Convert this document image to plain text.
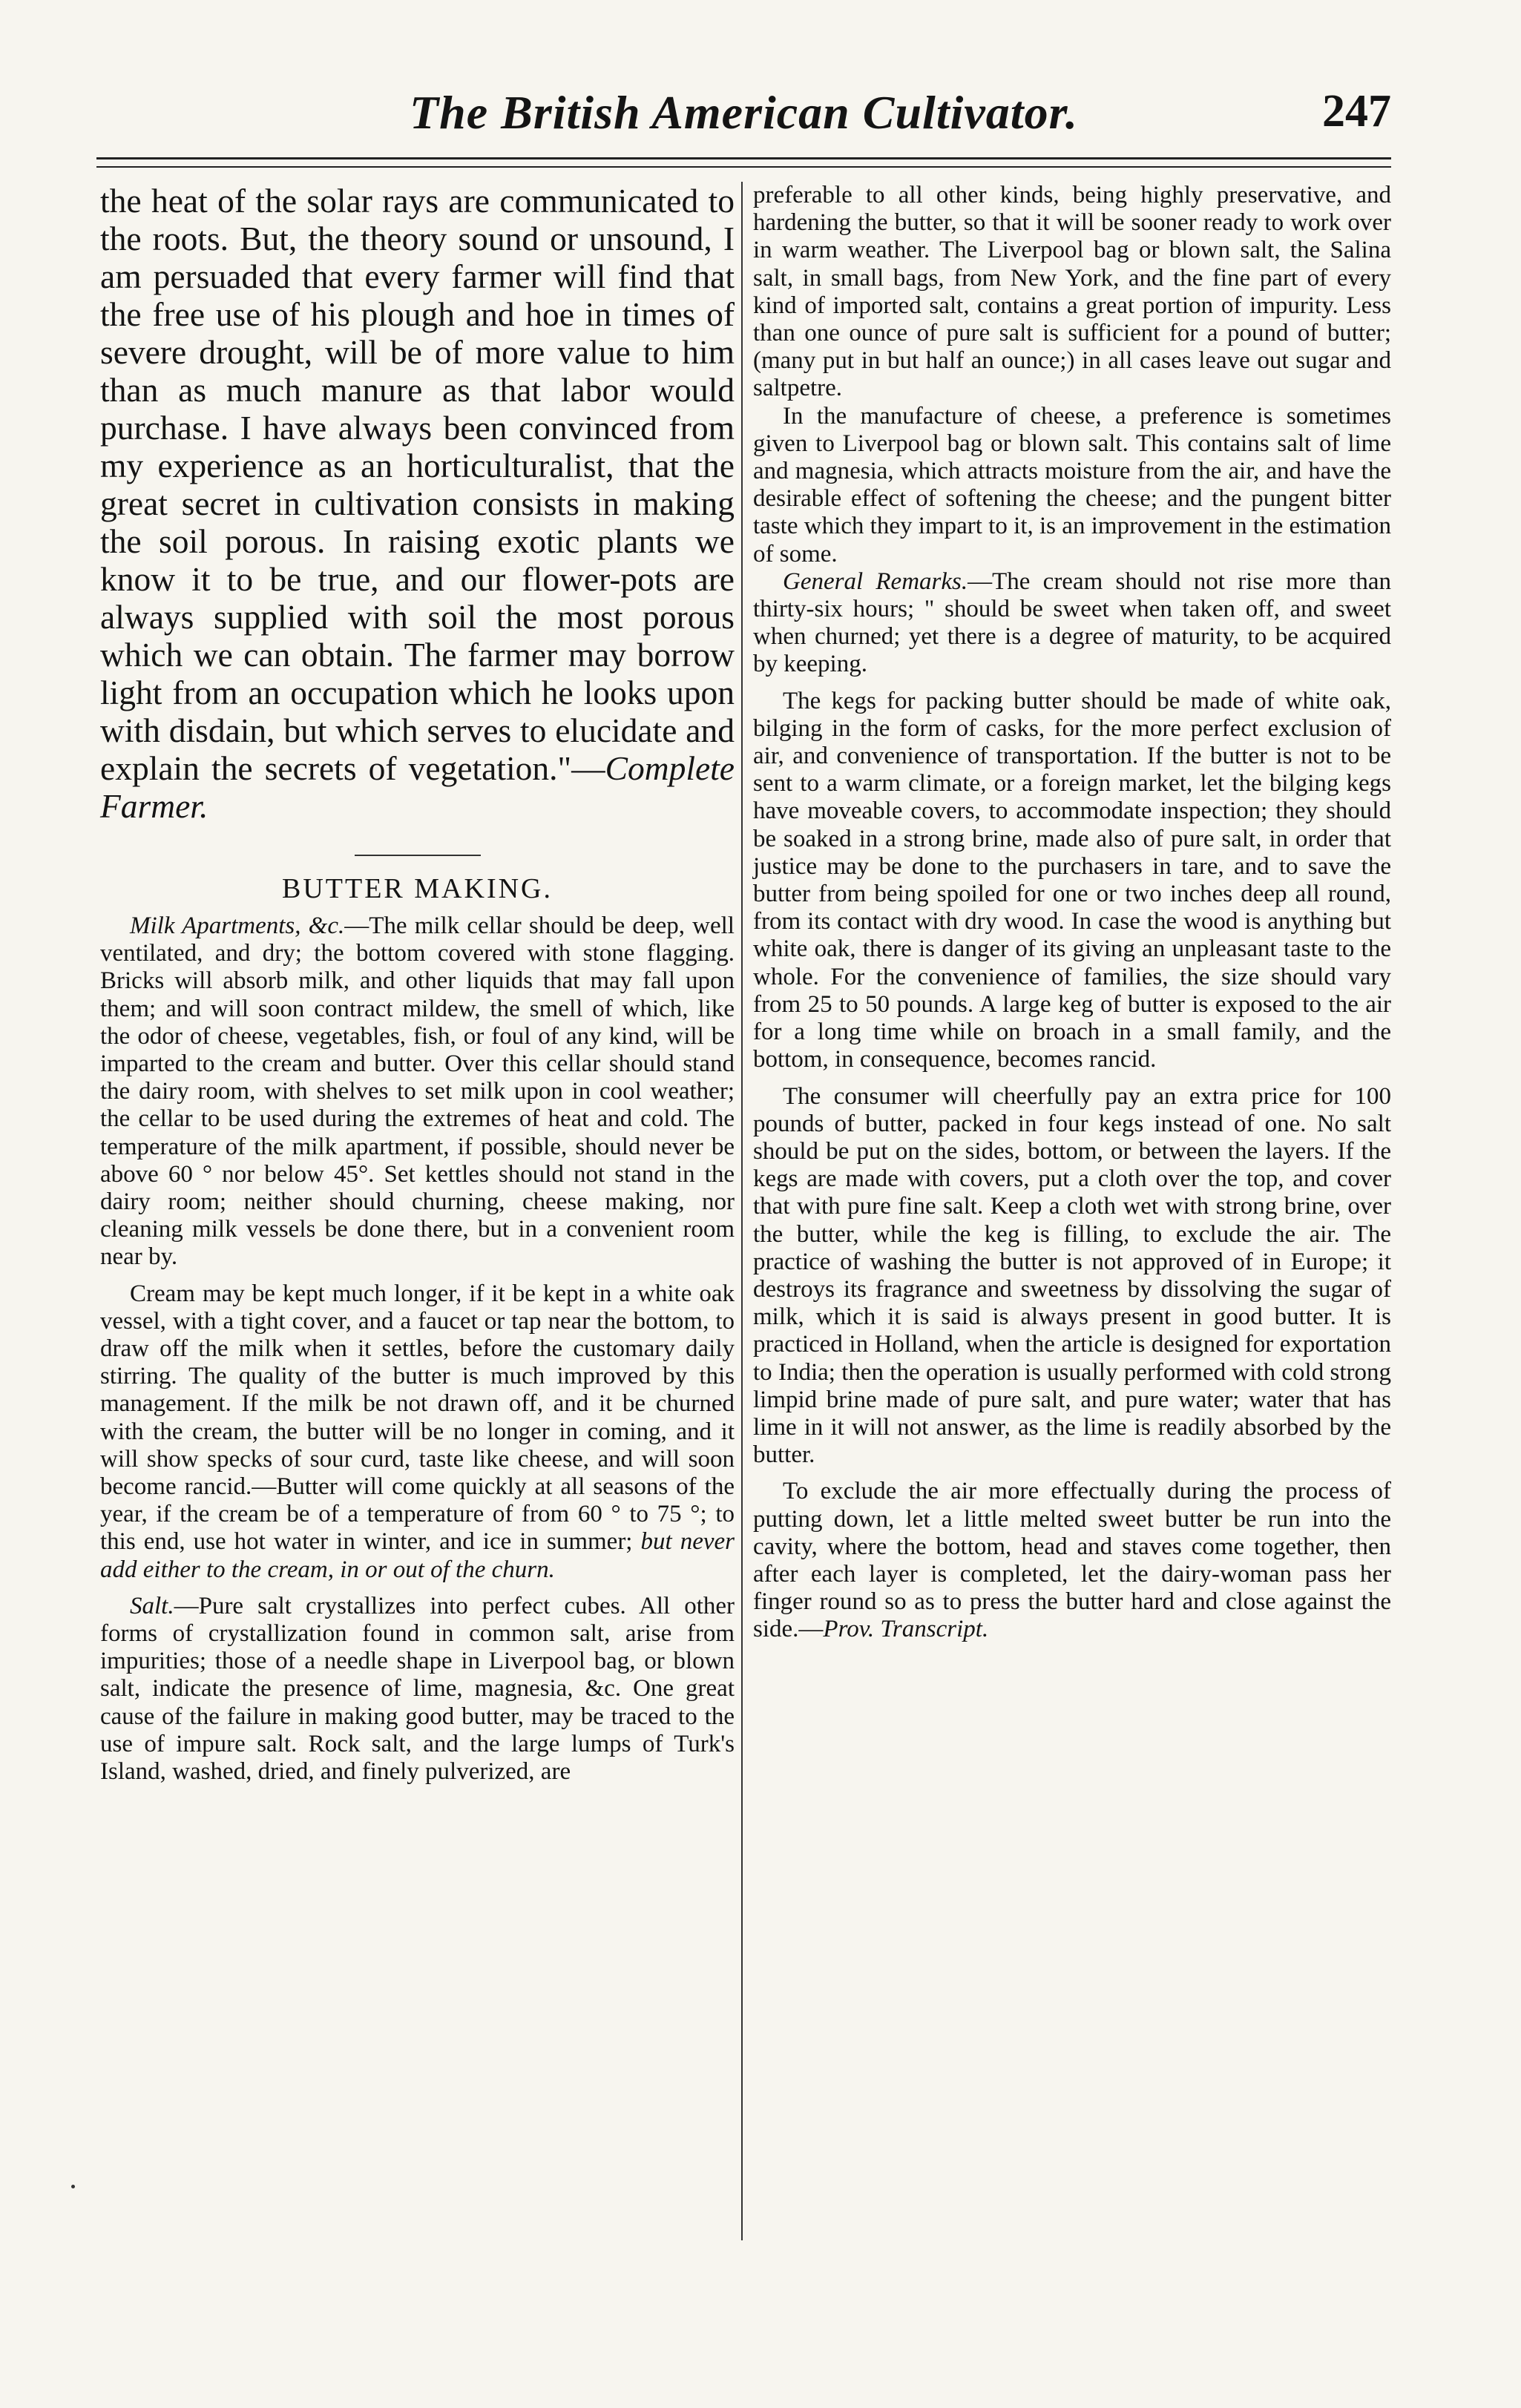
The British American Cultivator.	247

the heat of the solar rays are communicated to the roots. But, the theory sound or unsound, I am persuaded that every farmer will find that the free use of his plough and hoe in times of severe drought, will be of more value to him than as much manure as that labor would purchase. I have always been convinced from my experience as an horticulturalist, that the great secret in cultivation consists in making the soil porous. In raising exotic plants we know it to be true, and our flower-pots are always supplied with soil the most porous which we can obtain. The farmer may borrow light from an occupation which he looks upon with disdain, but which serves to elucidate and explain the secrets of vegetation."—Complete Farmer.

BUTTER MAKING.

Milk Apartments, &c.—The milk cellar should be deep, well ventilated, and dry; the bottom covered with stone flagging. Bricks will absorb milk, and other liquids that may fall upon them; and will soon contract mildew, the smell of which, like the odor of cheese, vegetables, fish, or foul of any kind, will be imparted to the cream and butter. Over this cellar should stand the dairy room, with shelves to set milk upon in cool weather; the cellar to be used during the extremes of heat and cold. The temperature of the milk apartment, if possible, should never be above 60 ° nor below 45°. Set kettles should not stand in the dairy room; neither should churning, cheese making, nor cleaning milk vessels be done there, but in a convenient room near by.

Cream may be kept much longer, if it be kept in a white oak vessel, with a tight cover, and a faucet or tap near the bottom, to draw off the milk when it settles, before the customary daily stirring. The quality of the butter is much improved by this management. If the milk be not drawn off, and it be churned with the cream, the butter will be no longer in coming, and it will show specks of sour curd, taste like cheese, and will soon become rancid.—Butter will come quickly at all seasons of the year, if the cream be of a temperature of from 60 ° to 75 °; to this end, use hot water in winter, and ice in summer; but never add either to the cream, in or out of the churn.

Salt.—Pure salt crystallizes into perfect cubes. All other forms of crystallization found in common salt, arise from impurities; those of a needle shape in Liverpool bag, or blown salt, indicate the presence of lime, magnesia, &c. One great cause of the failure in making good butter, may be traced to the use of impure salt. Rock salt, and the large lumps of Turk's Island, washed, dried, and finely pulverized, are

preferable to all other kinds, being highly preservative, and hardening the butter, so that it will be sooner ready to work over in warm weather. The Liverpool bag or blown salt, the Salina salt, in small bags, from New York, and the fine part of every kind of imported salt, contains a great portion of impurity. Less than one ounce of pure salt is sufficient for a pound of butter; (many put in but half an ounce;) in all cases leave out sugar and saltpetre.

In the manufacture of cheese, a preference is sometimes given to Liverpool bag or blown salt. This contains salt of lime and magnesia, which attracts moisture from the air, and have the desirable effect of softening the cheese; and the pungent bitter taste which they impart to it, is an improvement in the estimation of some.

General Remarks.—The cream should not rise more than thirty-six hours; " should be sweet when taken off, and sweet when churned; yet there is a degree of maturity, to be acquired by keeping.

The kegs for packing butter should be made of white oak, bilging in the form of casks, for the more perfect exclusion of air, and convenience of transportation. If the butter is not to be sent to a warm climate, or a foreign market, let the bilging kegs have moveable covers, to accommodate inspection; they should be soaked in a strong brine, made also of pure salt, in order that justice may be done to the purchasers in tare, and to save the butter from being spoiled for one or two inches deep all round, from its contact with dry wood. In case the wood is anything but white oak, there is danger of its giving an unpleasant taste to the whole. For the convenience of families, the size should vary from 25 to 50 pounds. A large keg of butter is exposed to the air for a long time while on broach in a small family, and the bottom, in consequence, becomes rancid.

The consumer will cheerfully pay an extra price for 100 pounds of butter, packed in four kegs instead of one. No salt should be put on the sides, bottom, or between the layers. If the kegs are made with covers, put a cloth over the top, and cover that with pure fine salt. Keep a cloth wet with strong brine, over the butter, while the keg is filling, to exclude the air. The practice of washing the butter is not approved of in Europe; it destroys its fragrance and sweetness by dissolving the sugar of milk, which it is said is always present in good butter. It is practiced in Holland, when the article is designed for exportation to India; then the operation is usually performed with cold strong limpid brine made of pure salt, and pure water; water that has lime in it will not answer, as the lime is readily absorbed by the butter.

To exclude the air more effectually during the process of putting down, let a little melted sweet butter be run into the cavity, where the bottom, head and staves come together, then after each layer is completed, let the dairy-woman pass her finger round so as to press the butter hard and close against the side.—Prov. Transcript.
